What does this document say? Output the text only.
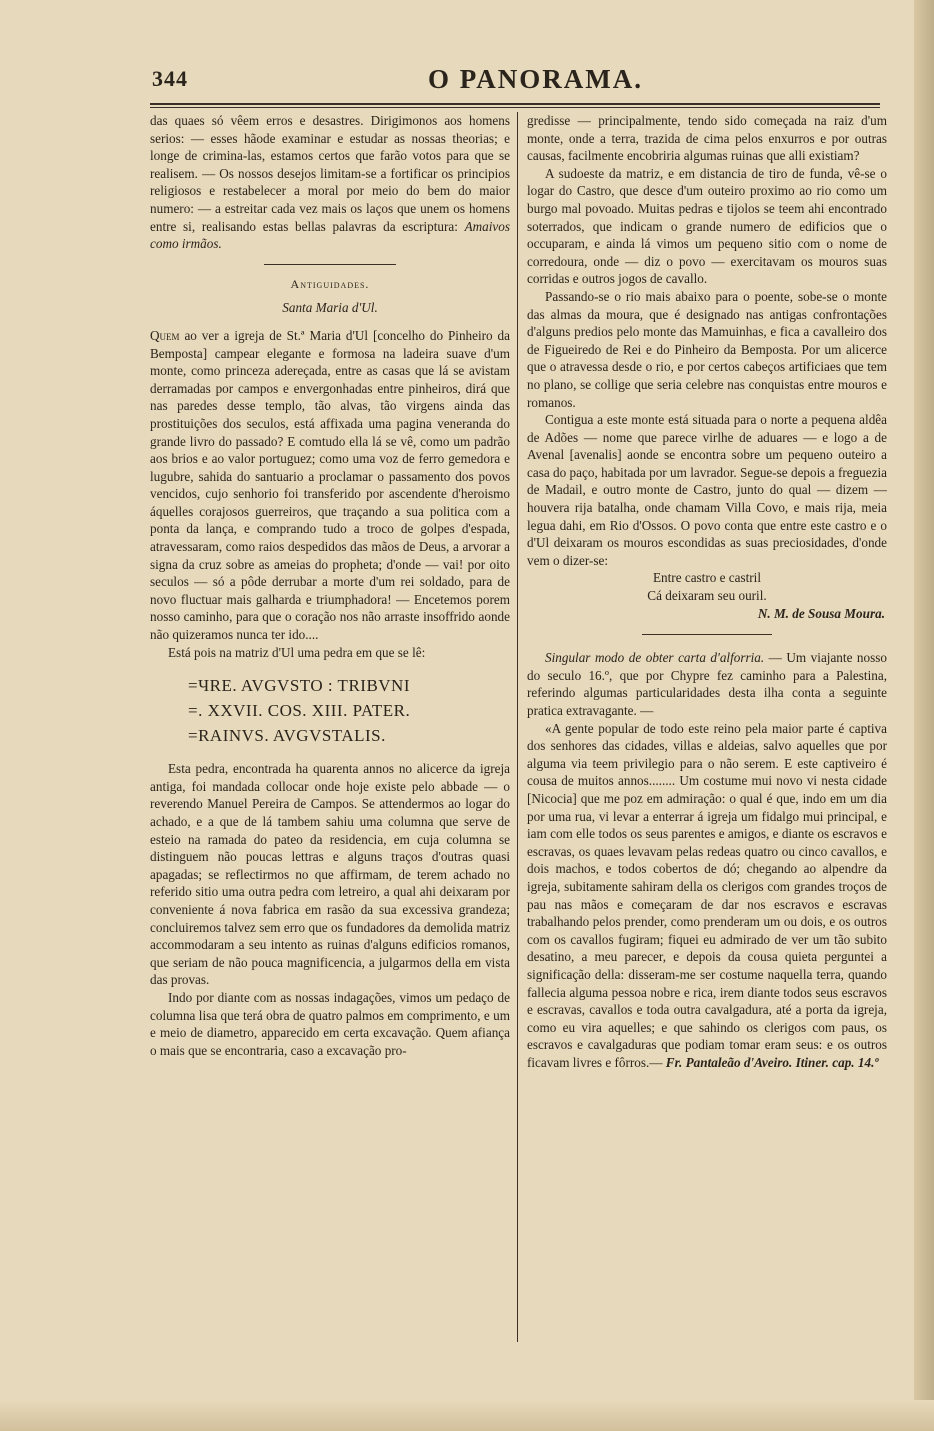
344	O PANORAMA.

das quaes só vêem erros e desastres. Dirigimonos aos homens serios: — esses hãode examinar e estudar as nossas theorias; e longe de crimina-las, estamos certos que farão votos para que se realisem. — Os nossos desejos limitam-se a fortificar os principios religiosos e restabelecer a moral por meio do bem do maior numero: — a estreitar cada vez mais os laços que unem os homens entre si, realisando estas bellas palavras da escriptura: Amaivos como irmãos.

Antiguidades.
Santa Maria d'Ul.

Quem ao ver a igreja de St.ª Maria d'Ul [concelho do Pinheiro da Bemposta] campear elegante e formosa na ladeira suave d'um monte, como princeza adereçada, entre as casas que lá se avistam derramadas por campos e envergonhadas entre pinheiros, dirá que nas paredes desse templo, tão alvas, tão virgens ainda das prostituições dos seculos, está affixada uma pagina veneranda do grande livro do passado? E comtudo ella lá se vê, como um padrão aos brios e ao valor portuguez; como uma voz de ferro gemedora e lugubre, sahida do santuario a proclamar o passamento dos povos vencidos, cujo senhorio foi transferido por ascendente d'heroismo áquelles corajosos guerreiros, que traçando a sua politica com a ponta da lança, e comprando tudo a troco de golpes d'espada, atravessaram, como raios despedidos das mãos de Deus, a arvorar a signa da cruz sobre as ameias do propheta; d'onde — vai! por oito seculos — só a pôde derrubar a morte d'um rei soldado, para de novo fluctuar mais galharda e triumphadora! — Encetemos porem nosso caminho, para que o coração nos não arraste insoffrido aonde não quizeramos nunca ter ido....

Está pois na matriz d'Ul uma pedra em que se lê:

=ЧRE. AVGVSTO : TRIBVNI
=. XXVII. COS. XIII. PATER.
=RAINVS. AVGVSTALIS.

Esta pedra, encontrada ha quarenta annos no alicerce da igreja antiga, foi mandada collocar onde hoje existe pelo abbade — o reverendo Manuel Pereira de Campos. Se attendermos ao logar do achado, e a que de lá tambem sahiu uma columna que serve de esteio na ramada do pateo da residencia, em cuja columna se distinguem não poucas lettras e alguns traços d'outras quasi apagadas; se reflectirmos no que affirmam, de terem achado no referido sitio uma outra pedra com letreiro, a qual ahi deixaram por conveniente á nova fabrica em rasão da sua excessiva grandeza; concluiremos talvez sem erro que os fundadores da demolida matriz accommodaram a seu intento as ruinas d'alguns edificios romanos, que seriam de não pouca magnificencia, a julgarmos della em vista das provas.

Indo por diante com as nossas indagações, vimos um pedaço de columna lisa que terá obra de quatro palmos em comprimento, e um e meio de diametro, apparecido em certa excavação. Quem afiança o mais que se encontraria, caso a excavação pro-

gredisse — principalmente, tendo sido começada na raiz d'um monte, onde a terra, trazida de cima pelos enxurros e por outras causas, facilmente encobriria algumas ruinas que alli existiam?

A sudoeste da matriz, e em distancia de tiro de funda, vê-se o logar do Castro, que desce d'um outeiro proximo ao rio como um burgo mal povoado. Muitas pedras e tijolos se teem ahi encontrado soterrados, que indicam o grande numero de edificios que o occuparam, e ainda lá vimos um pequeno sitio com o nome de corredoura, onde — diz o povo — exercitavam os mouros suas corridas e outros jogos de cavallo.

Passando-se o rio mais abaixo para o poente, sobe-se o monte das almas da moura, que é designado nas antigas confrontações d'alguns predios pelo monte das Mamuinhas, e fica a cavalleiro dos de Figueiredo de Rei e do Pinheiro da Bemposta. Por um alicerce que o atravessa desde o rio, e por certos cabeços artificiaes que tem no plano, se collige que seria celebre nas conquistas entre mouros e romanos.

Contigua a este monte está situada para o norte a pequena aldêa de Adões — nome que parece virlhe de aduares — e logo a de Avenal [avenalis] aonde se encontra sobre um pequeno outeiro a casa do paço, habitada por um lavrador. Segue-se depois a freguezia de Madail, e outro monte de Castro, junto do qual — dizem — houvera rija batalha, onde chamam Villa Covo, e mais rija, meia legua dahi, em Rio d'Ossos. O povo conta que entre este castro e o d'Ul deixaram os mouros escondidas as suas preciosidades, d'onde vem o dizer-se:

Entre castro e castril

Cá deixaram seu ouril.

N. M. de Sousa Moura.

Singular modo de obter carta d'alforria. — Um viajante nosso do seculo 16.º, que por Chypre fez caminho para a Palestina, referindo algumas particularidades desta ilha conta a seguinte pratica extravagante. —

«A gente popular de todo este reino pela maior parte é captiva dos senhores das cidades, villas e aldeias, salvo aquelles que por alguma via teem privilegio para o não serem. E este captiveiro é cousa de muitos annos........ Um costume mui novo vi nesta cidade [Nicocia] que me poz em admiração: o qual é que, indo em um dia por uma rua, vi levar a enterrar á igreja um fidalgo mui principal, e iam com elle todos os seus parentes e amigos, e diante os escravos e escravas, os quaes levavam pelas redeas quatro ou cinco cavallos, e dois machos, e todos cobertos de dó; chegando ao alpendre da igreja, subitamente sahiram della os clerigos com grandes troços de pau nas mãos e começaram de dar nos escravos e escravas trabalhando pelos prender, como prenderam um ou dois, e os outros com os cavallos fugiram; fiquei eu admirado de ver um tão subito desatino, a meu parecer, e depois da cousa quieta perguntei a significação della: disseram-me ser costume naquella terra, quando fallecia alguma pessoa nobre e rica, irem diante todos seus escravos e escravas, cavallos e toda outra cavalgadura, até a porta da igreja, como eu vira aquelles; e que sahindo os clerigos com paus, os escravos e cavalgaduras que podiam tomar eram seus: e os outros ficavam livres e fôrros.— Fr. Pantaleão d'Aveiro. Itiner. cap. 14.º
